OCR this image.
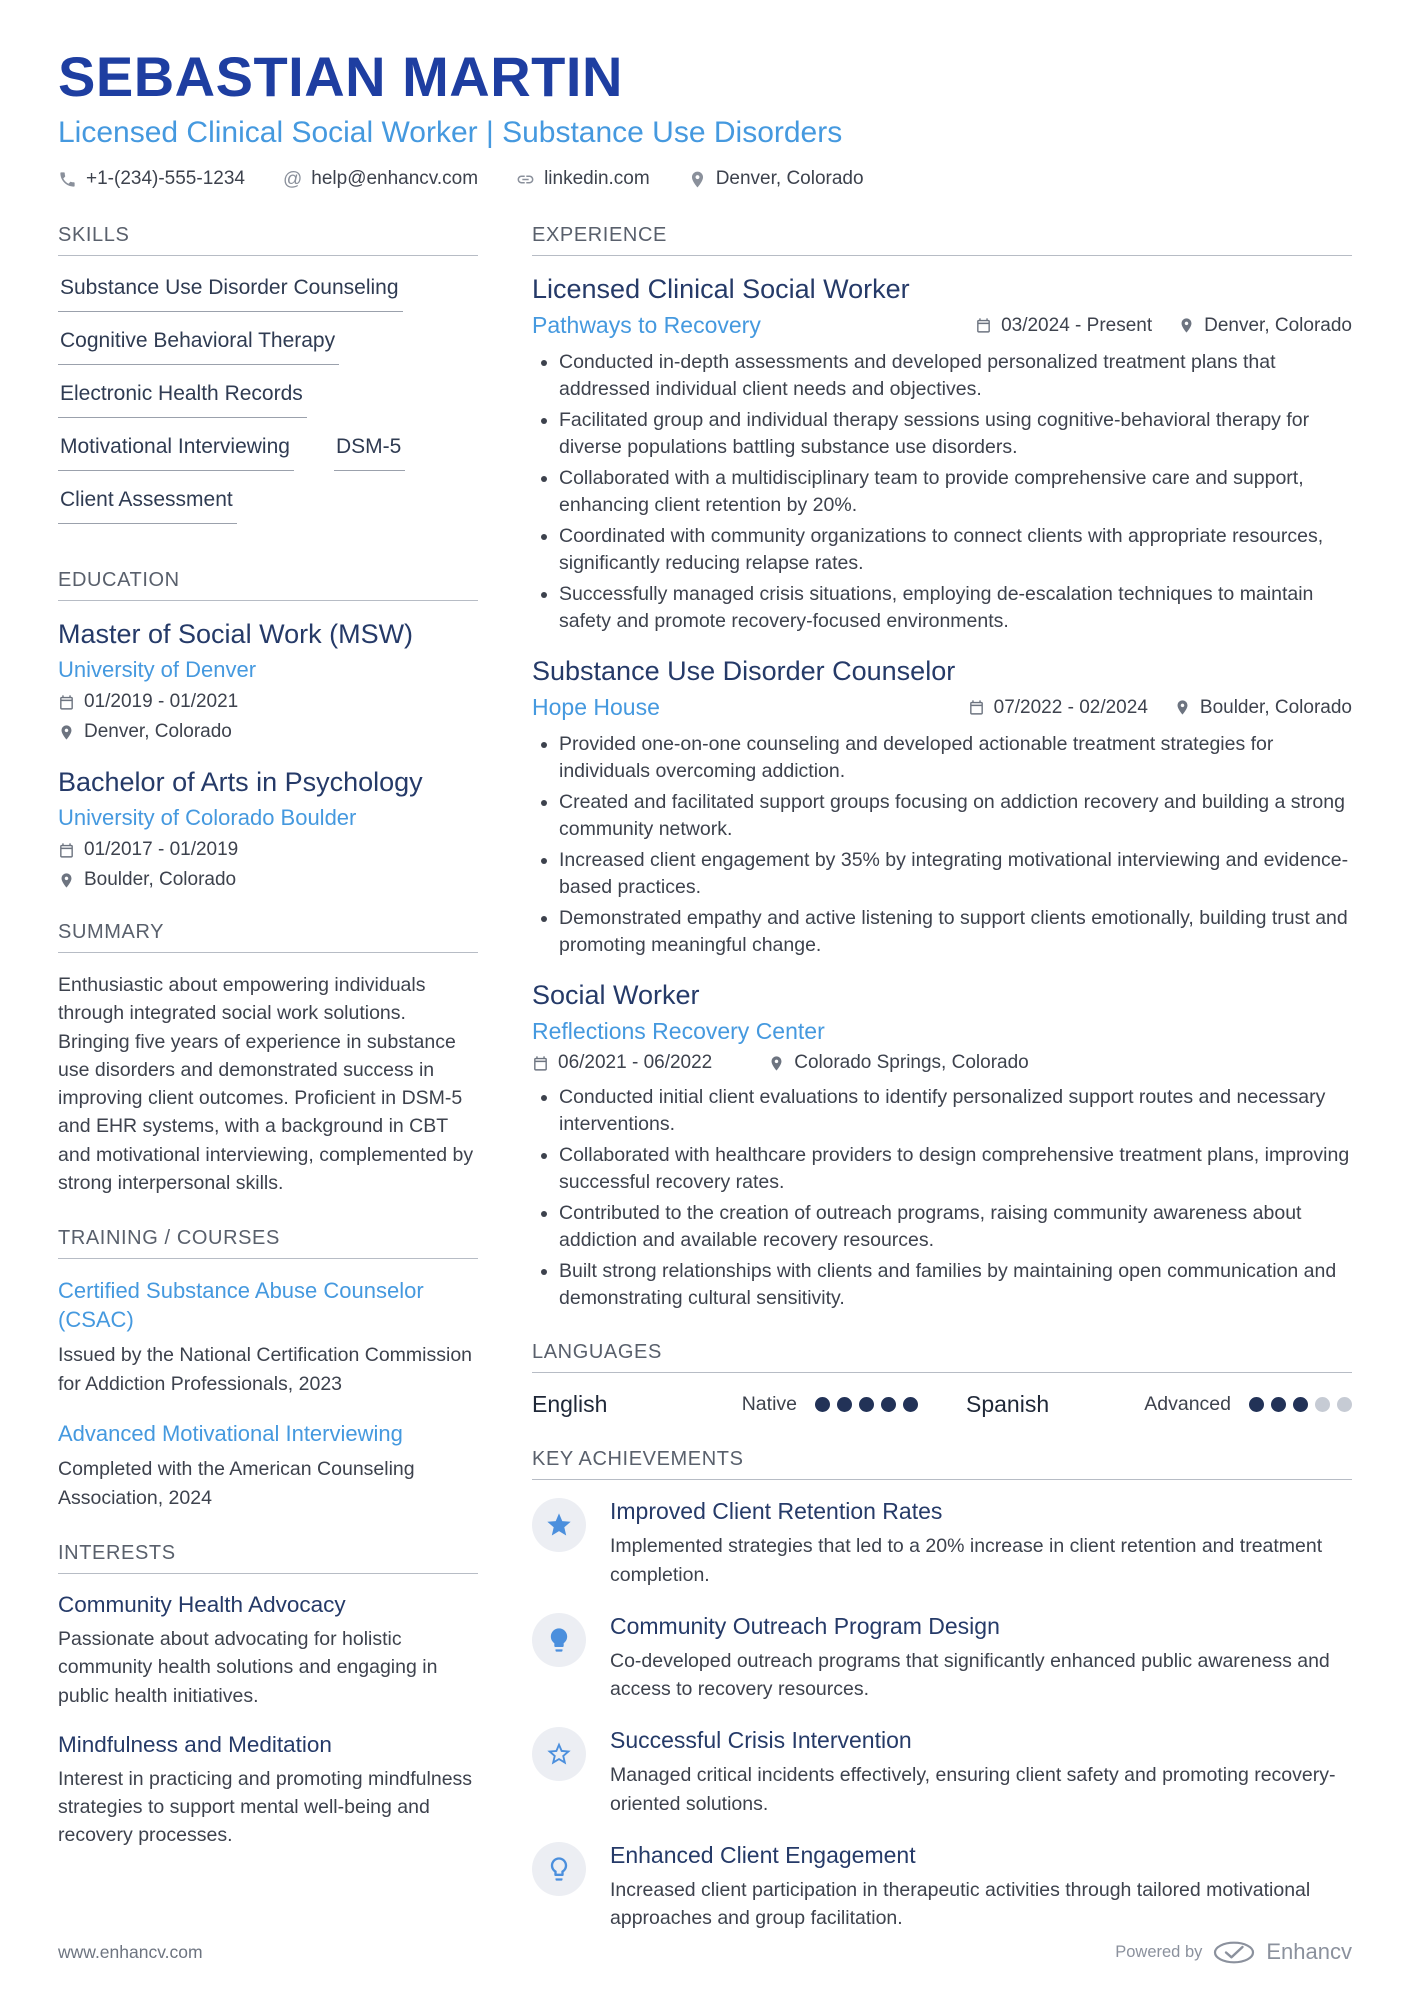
SEBASTIAN MARTIN
Licensed Clinical Social Worker | Substance Use Disorders
+1-(234)-555-1234 @ help@enhancv.com	linkedin.com	Denver, Colorado
SKILLS
Substance Use Disorder Counseling
Cognitive Behavioral Therapy
Electronic Health Records
Motivational Interviewing DSM-5
Client Assessment
EDUCATION
Master of Social Work (MSW)
University of Denver
01/2019 - 01/2021
Denver, Colorado
Bachelor of Arts in Psychology
University of Colorado Boulder
01/2017 - 01/2019
Boulder, Colorado
SUMMARY

Enthusiastic about empowering individuals through integrated social work solutions. Bringing five years of experience in substance use disorders and demonstrated success in improving client outcomes. Proficient in DSM-5 and EHR systems, with a background in CBT and motivational interviewing, complemented by strong interpersonal skills.

TRAINING / COURSES
Certified Substance Abuse Counselor (CSAC)

Issued by the National Certification Commission for Addiction Professionals, 2023

Advanced Motivational Interviewing

Completed with the American Counseling Association, 2024

INTERESTS
Community Health Advocacy

Passionate about advocating for holistic community health solutions and engaging in public health initiatives.

Mindfulness and Meditation

Interest in practicing and promoting mindfulness strategies to support mental well-being and recovery processes.

EXPERIENCE
Licensed Clinical Social Worker
Pathways to Recovery	03/2024 - Present	Denver, Colorado
• Conducted in-depth assessments and developed personalized treatment plans that addressed individual client needs and objectives.
• Facilitated group and individual therapy sessions using cognitive-behavioral therapy for diverse populations battling substance use disorders.
• Collaborated with a multidisciplinary team to provide comprehensive care and support, enhancing client retention by 20%.
• Coordinated with community organizations to connect clients with appropriate resources, significantly reducing relapse rates.
• Successfully managed crisis situations, employing de-escalation techniques to maintain safety and promote recovery-focused environments.
Substance Use Disorder Counselor
Hope House	07/2022 - 02/2024	Boulder, Colorado
• Provided one-on-one counseling and developed actionable treatment strategies for individuals overcoming addiction.
• Created and facilitated support groups focusing on addiction recovery and building a strong community network.
• Increased client engagement by 35% by integrating motivational interviewing and evidence-based practices.
• Demonstrated empathy and active listening to support clients emotionally, building trust and promoting meaningful change.
Social Worker
Reflections Recovery Center
06/2021 - 06/2022	Colorado Springs, Colorado
• Conducted initial client evaluations to identify personalized support routes and necessary interventions.
• Collaborated with healthcare providers to design comprehensive treatment plans, improving successful recovery rates.
• Contributed to the creation of outreach programs, raising community awareness about addiction and available recovery resources.
• Built strong relationships with clients and families by maintaining open communication and demonstrating cultural sensitivity.
LANGUAGES
English	Native	Spanish	Advanced
KEY ACHIEVEMENTS
Improved Client Retention Rates

Implemented strategies that led to a 20% increase in client retention and treatment completion.

Community Outreach Program Design

Co-developed outreach programs that significantly enhanced public awareness and access to recovery resources.

Successful Crisis Intervention

Managed critical incidents effectively, ensuring client safety and promoting recovery-oriented solutions.

Enhanced Client Engagement

Increased client participation in therapeutic activities through tailored motivational approaches and group facilitation.

www.enhancv.com	Powered by	Enhancv
